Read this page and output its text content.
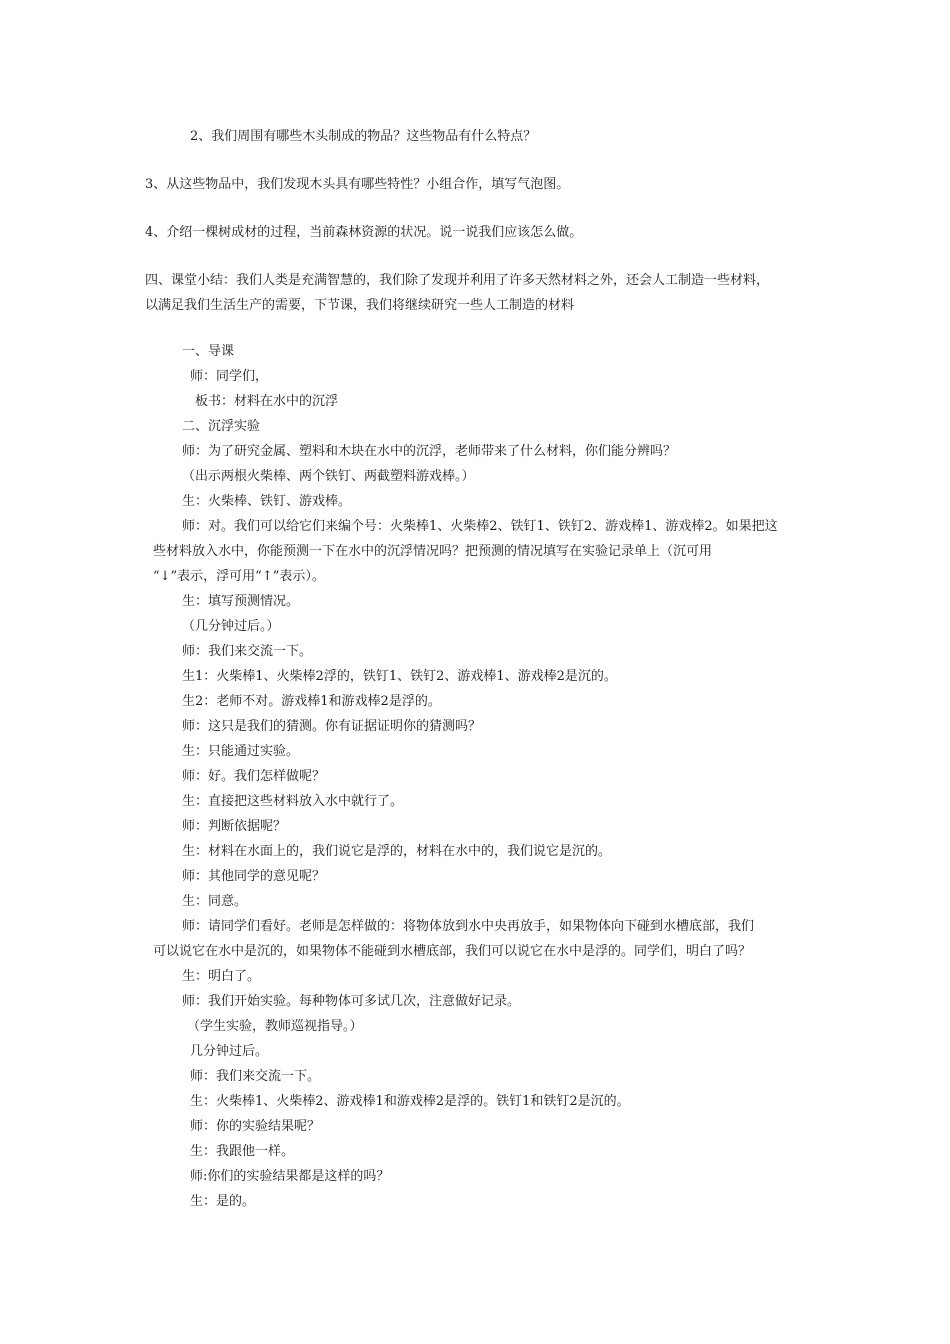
2、我们周围有哪些木头制成的物品？这些物品有什么特点？
3、从这些物品中，我们发现木头具有哪些特性？小组合作，填写气泡图。
4、介绍一棵树成材的过程，当前森林资源的状况。说一说我们应该怎么做。
四、课堂小结：我们人类是充满智慧的，我们除了发现并利用了许多天然材料之外，还会人工制造一些材料，
以满足我们生活生产的需要，下节课，我们将继续研究一些人工制造的材料
一、导课
师：同学们，
板书：材料在水中的沉浮
二、沉浮实验
师：为了研究金属、塑料和木块在水中的沉浮，老师带来了什么材料，你们能分辨吗？
（出示两根火柴棒、两个铁钉、两截塑料游戏棒。）
生：火柴棒、铁钉、游戏棒。
师：对。我们可以给它们来编个号：火柴棒1、火柴棒2、铁钉1、铁钉2、游戏棒1、游戏棒2。如果把这
些材料放入水中，你能预测一下在水中的沉浮情况吗？把预测的情况填写在实验记录单上（沉可用
“↓”表示，浮可用“↑”表示）。
生：填写预测情况。
（几分钟过后。）
师：我们来交流一下。
生1：火柴棒1、火柴棒2浮的，铁钉1、铁钉2、游戏棒1、游戏棒2是沉的。
生2：老师不对。游戏棒1和游戏棒2是浮的。
师：这只是我们的猜测。你有证据证明你的猜测吗？
生：只能通过实验。
师：好。我们怎样做呢？
生：直接把这些材料放入水中就行了。
师：判断依据呢？
生：材料在水面上的，我们说它是浮的，材料在水中的，我们说它是沉的。
师：其他同学的意见呢？
生：同意。
师：请同学们看好。老师是怎样做的：将物体放到水中央再放手，如果物体向下碰到水槽底部，我们
可以说它在水中是沉的，如果物体不能碰到水槽底部，我们可以说它在水中是浮的。同学们，明白了吗？
生：明白了。
师：我们开始实验。每种物体可多试几次，注意做好记录。
（学生实验，教师巡视指导。）
几分钟过后。
师：我们来交流一下。
生：火柴棒1、火柴棒2、游戏棒1和游戏棒2是浮的。铁钉1和铁钉2是沉的。
师：你的实验结果呢？
生：我跟他一样。
师:你们的实验结果都是这样的吗？
生：是的。
